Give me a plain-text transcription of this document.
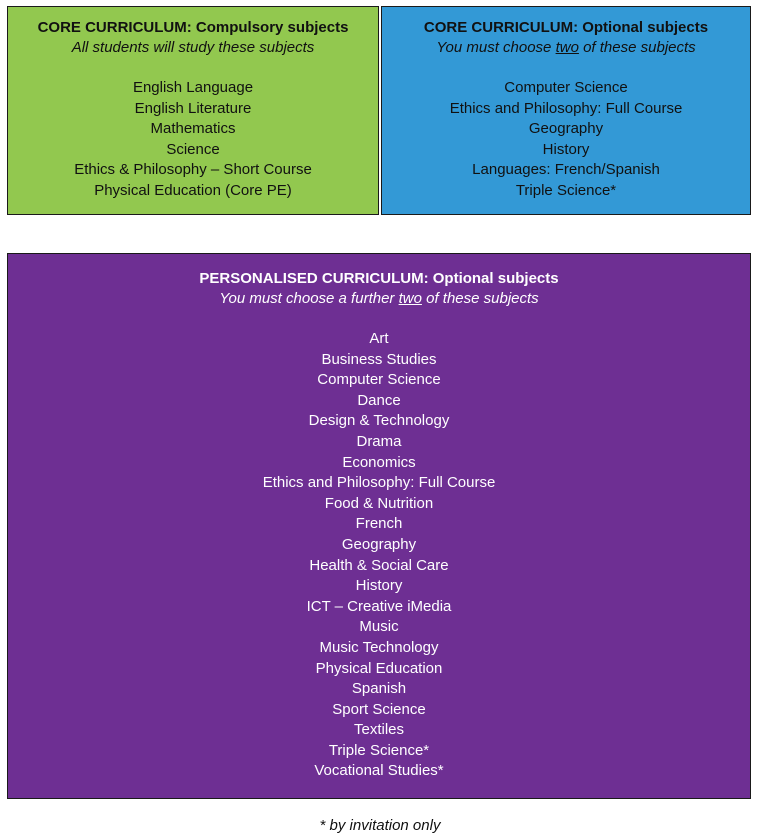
CORE CURRICULUM: Compulsory subjects
All students will study these subjects
English Language
English Literature
Mathematics
Science
Ethics & Philosophy – Short Course
Physical Education (Core PE)
CORE CURRICULUM: Optional subjects
You must choose two of these subjects
Computer Science
Ethics and Philosophy: Full Course
Geography
History
Languages: French/Spanish
Triple Science*
PERSONALISED CURRICULUM: Optional subjects
You must choose a further two of these subjects
Art
Business Studies
Computer Science
Dance
Design & Technology
Drama
Economics
Ethics and Philosophy: Full Course
Food & Nutrition
French
Geography
Health & Social Care
History
ICT – Creative iMedia
Music
Music Technology
Physical Education
Spanish
Sport Science
Textiles
Triple Science*
Vocational Studies*
* by invitation only
